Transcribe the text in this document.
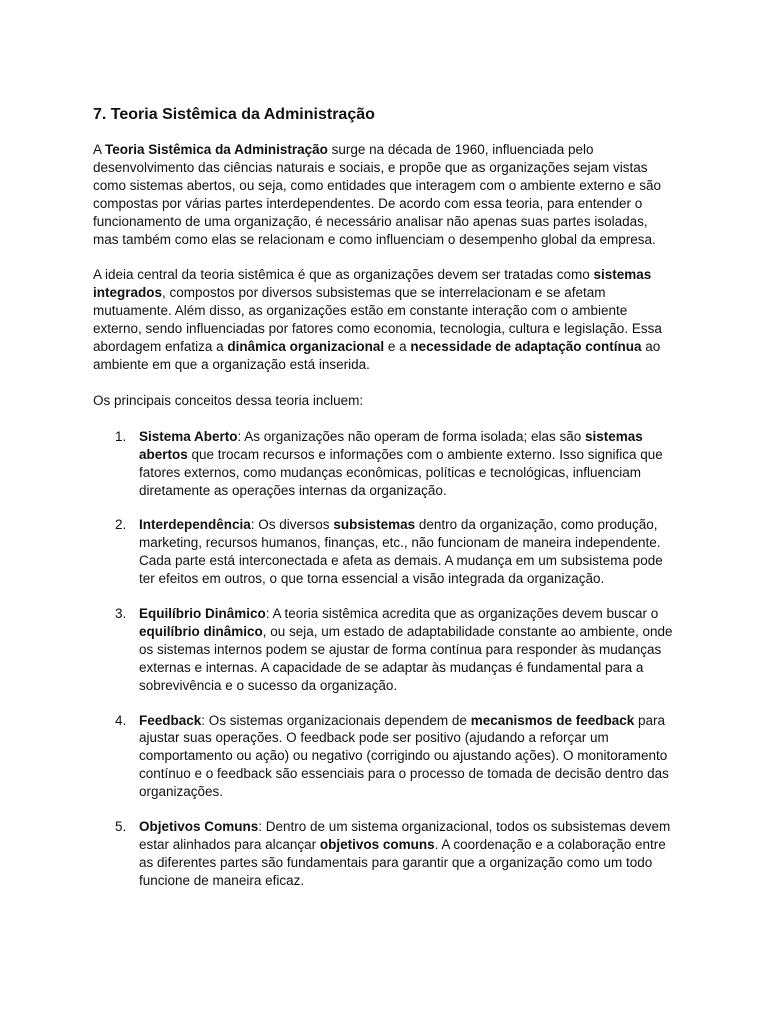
7. Teoria Sistêmica da Administração

A Teoria Sistêmica da Administração surge na década de 1960, influenciada pelo desenvolvimento das ciências naturais e sociais, e propõe que as organizações sejam vistas como sistemas abertos, ou seja, como entidades que interagem com o ambiente externo e são compostas por várias partes interdependentes. De acordo com essa teoria, para entender o funcionamento de uma organização, é necessário analisar não apenas suas partes isoladas, mas também como elas se relacionam e como influenciam o desempenho global da empresa.

A ideia central da teoria sistêmica é que as organizações devem ser tratadas como sistemas integrados, compostos por diversos subsistemas que se interrelacionam e se afetam mutuamente. Além disso, as organizações estão em constante interação com o ambiente externo, sendo influenciadas por fatores como economia, tecnologia, cultura e legislação. Essa abordagem enfatiza a dinâmica organizacional e a necessidade de adaptação contínua ao ambiente em que a organização está inserida.

Os principais conceitos dessa teoria incluem:

1. Sistema Aberto: As organizações não operam de forma isolada; elas são sistemas abertos que trocam recursos e informações com o ambiente externo. Isso significa que fatores externos, como mudanças econômicas, políticas e tecnológicas, influenciam diretamente as operações internas da organização.
2. Interdependência: Os diversos subsistemas dentro da organização, como produção, marketing, recursos humanos, finanças, etc., não funcionam de maneira independente. Cada parte está interconectada e afeta as demais. A mudança em um subsistema pode ter efeitos em outros, o que torna essencial a visão integrada da organização.
3. Equilíbrio Dinâmico: A teoria sistêmica acredita que as organizações devem buscar o equilíbrio dinâmico, ou seja, um estado de adaptabilidade constante ao ambiente, onde os sistemas internos podem se ajustar de forma contínua para responder às mudanças externas e internas. A capacidade de se adaptar às mudanças é fundamental para a sobrevivência e o sucesso da organização.
4. Feedback: Os sistemas organizacionais dependem de mecanismos de feedback para ajustar suas operações. O feedback pode ser positivo (ajudando a reforçar um comportamento ou ação) ou negativo (corrigindo ou ajustando ações). O monitoramento contínuo e o feedback são essenciais para o processo de tomada de decisão dentro das organizações.
5. Objetivos Comuns: Dentro de um sistema organizacional, todos os subsistemas devem estar alinhados para alcançar objetivos comuns. A coordenação e a colaboração entre as diferentes partes são fundamentais para garantir que a organização como um todo funcione de maneira eficaz.
